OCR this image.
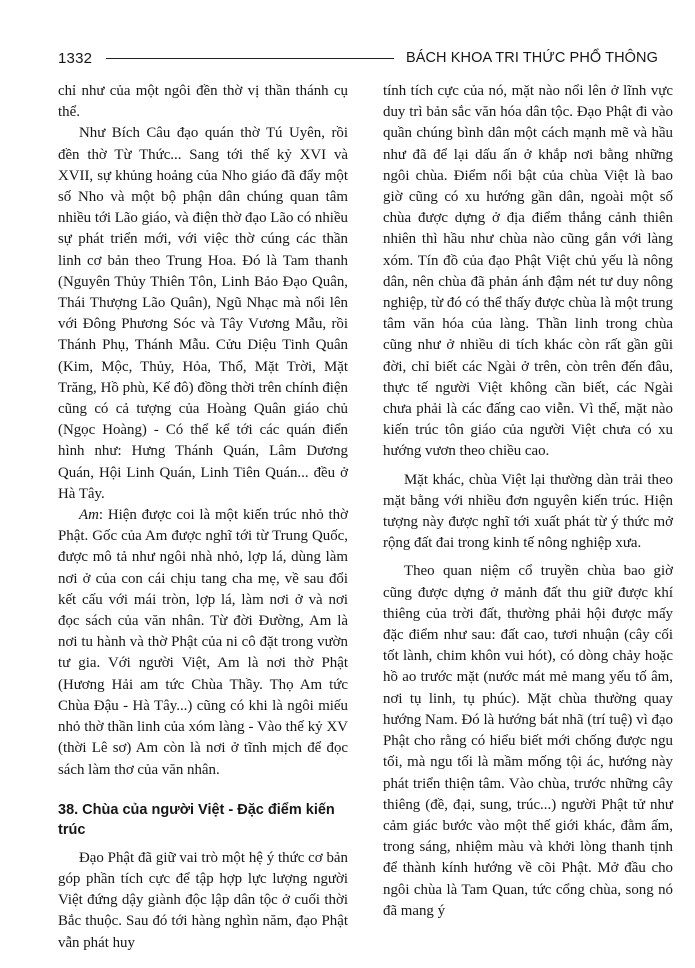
1332	BÁCH KHOA TRI THỨC PHỔ THÔNG

chỉ như của một ngôi đền thờ vị thần thánh cụ thể.

Như Bích Câu đạo quán thờ Tú Uyên, rồi đền thờ Từ Thức... Sang tới thế kỷ XVI và XVII, sự khủng hoảng của Nho giáo đã đẩy một số Nho và một bộ phận dân chúng quan tâm nhiều tới Lão giáo, và điện thờ đạo Lão có nhiều sự phát triển mới, với việc thờ cúng các thần linh cơ bản theo Trung Hoa. Đó là Tam thanh (Nguyên Thủy Thiên Tôn, Linh Bảo Đạo Quân, Thái Thượng Lão Quân), Ngũ Nhạc mà nổi lên với Đông Phương Sóc và Tây Vương Mẫu, rồi Thánh Phụ, Thánh Mẫu. Cửu Diệu Tinh Quân (Kim, Mộc, Thủy, Hỏa, Thổ, Mặt Trời, Mặt Trăng, Hồ phù, Kế đô) đồng thời trên chính điện cũng có cả tượng của Hoàng Quân giáo chủ (Ngọc Hoàng) - Có thể kể tới các quán điển hình như: Hưng Thánh Quán, Lâm Dương Quán, Hội Linh Quán, Linh Tiên Quán... đều ở Hà Tây.

Am: Hiện được coi là một kiến trúc nhỏ thờ Phật. Gốc của Am được nghĩ tới từ Trung Quốc, được mô tả như ngôi nhà nhỏ, lợp lá, dùng làm nơi ở của con cái chịu tang cha mẹ, về sau đổi kết cấu với mái tròn, lợp lá, làm nơi ở và nơi đọc sách của văn nhân. Từ đời Đường, Am là nơi tu hành và thờ Phật của ni cô đặt trong vườn tư gia. Với người Việt, Am là nơi thờ Phật (Hương Hải am tức Chùa Thầy. Thọ Am tức Chùa Đậu - Hà Tây...) cũng có khi là ngôi miếu nhỏ thờ thần linh của xóm làng - Vào thế kỷ XV (thời Lê sơ) Am còn là nơi ở tĩnh mịch để đọc sách làm thơ của văn nhân.

38. Chùa của người Việt - Đặc điểm kiến trúc

Đạo Phật đã giữ vai trò một hệ ý thức cơ bản góp phần tích cực để tập hợp lực lượng người Việt đứng dậy giành độc lập dân tộc ở cuối thời Bắc thuộc. Sau đó tới hàng nghìn năm, đạo Phật vẫn phát huy

tính tích cực của nó, mặt nào nổi lên ở lĩnh vực duy trì bản sắc văn hóa dân tộc. Đạo Phật đi vào quần chúng bình dân một cách mạnh mẽ và hầu như đã để lại dấu ấn ở khắp nơi bằng những ngôi chùa. Điểm nổi bật của chùa Việt là bao giờ cũng có xu hướng gần dân, ngoài một số chùa được dựng ở địa điểm thắng cảnh thiên nhiên thì hầu như chùa nào cũng gắn với làng xóm. Tín đồ của đạo Phật Việt chủ yếu là nông dân, nên chùa đã phản ánh đậm nét tư duy nông nghiệp, từ đó có thể thấy được chùa là một trung tâm văn hóa của làng. Thần linh trong chùa cũng như ở nhiều di tích khác còn rất gần gũi đời, chỉ biết các Ngài ở trên, còn trên đến đâu, thực tế người Việt không cần biết, các Ngài chưa phải là các đấng cao viễn. Vì thế, mặt nào kiến trúc tôn giáo của người Việt chưa có xu hướng vươn theo chiều cao.

Mặt khác, chùa Việt lại thường dàn trải theo mặt bằng với nhiều đơn nguyên kiến trúc. Hiện tượng này được nghĩ tới xuất phát từ ý thức mở rộng đất đai trong kinh tế nông nghiệp xưa.

Theo quan niệm cổ truyền chùa bao giờ cũng được dựng ở mảnh đất thu giữ được khí thiêng của trời đất, thường phải hội được mấy đặc điểm như sau: đất cao, tươi nhuận (cây cối tốt lành, chim khôn vui hót), có dòng chảy hoặc hồ ao trước mặt (nước mát mẻ mang yếu tố âm, nơi tụ linh, tụ phúc). Mặt chùa thường quay hướng Nam. Đó là hướng bát nhã (trí tuệ) vì đạo Phật cho rằng có hiểu biết mới chống được ngu tối, mà ngu tối là mầm mống tội ác, hướng này phát triển thiện tâm. Vào chùa, trước những cây thiêng (đề, đại, sung, trúc...) người Phật tử như cảm giác bước vào một thế giới khác, đằm ấm, trong sáng, nhiệm màu và khởi lòng thanh tịnh để thành kính hướng về cõi Phật. Mở đầu cho ngôi chùa là Tam Quan, tức cổng chùa, song nó đã mang ý
